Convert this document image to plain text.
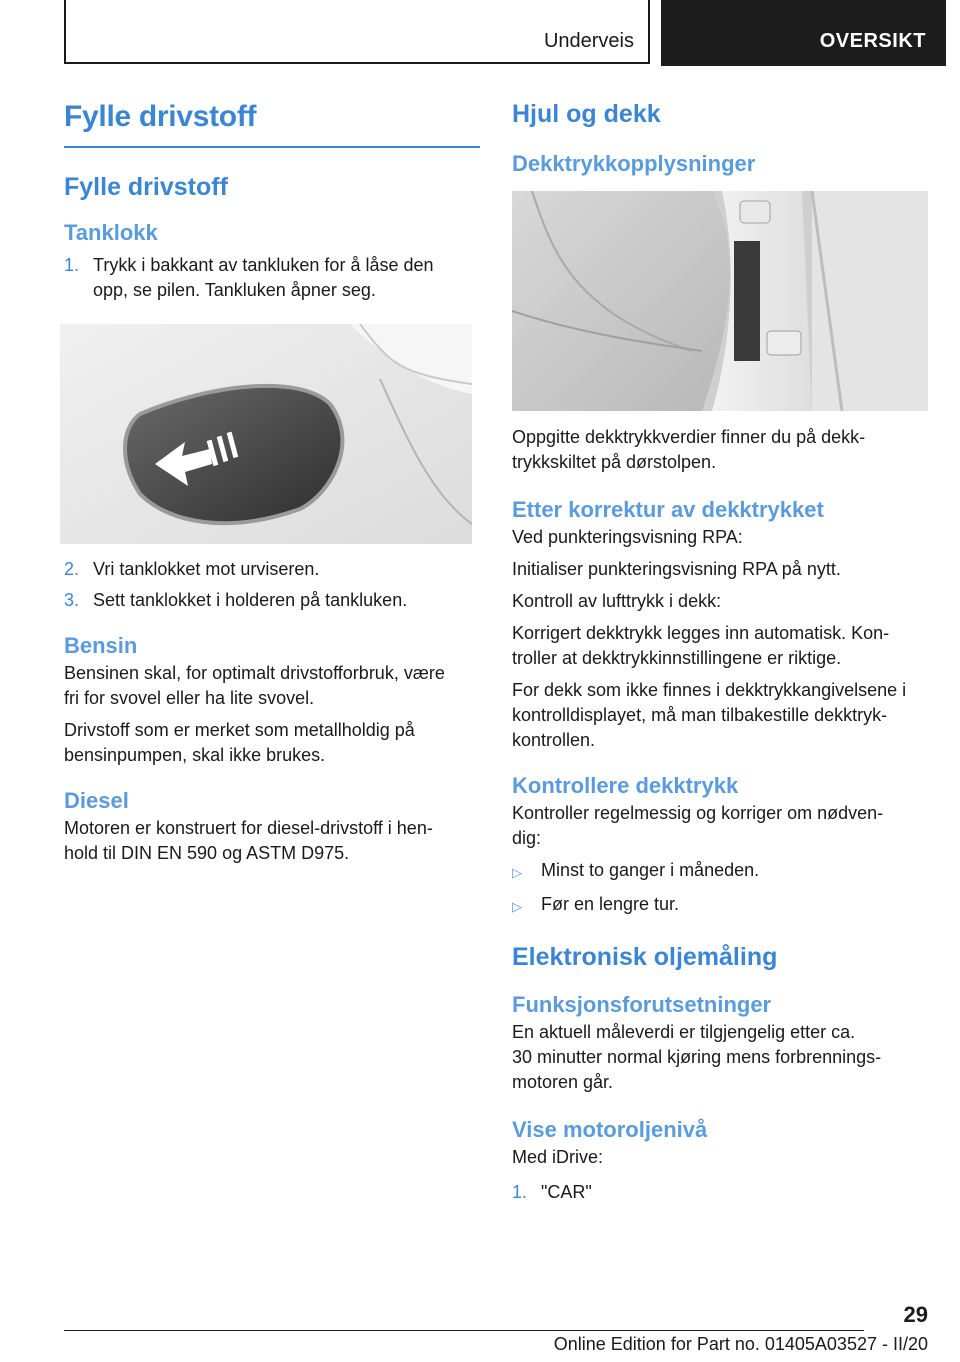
Underveis	OVERSIKT
Fylle drivstoff
Fylle drivstoff
Tanklokk
1. Trykk i bakkant av tankluken for å låse den
opp, se pilen. Tankluken åpner seg.
2. Vri tanklokket mot urviseren.
3. Sett tanklokket i holderen på tankluken.
Bensin
Bensinen skal, for optimalt drivstofforbruk, være
fri for svovel eller ha lite svovel.
Drivstoff som er merket som metallholdig på
bensinpumpen, skal ikke brukes.
Diesel
Motoren er konstruert for diesel-drivstoff i hen-
hold til DIN EN 590 og ASTM D975.
Hjul og dekk
Dekktrykkopplysninger
Oppgitte dekktrykkverdier finner du på dekk-
trykkskiltet på dørstolpen.
Etter korrektur av dekktrykket
Ved punkteringsvisning RPA:
Initialiser punkteringsvisning RPA på nytt.
Kontroll av lufttrykk i dekk:
Korrigert dekktrykk legges inn automatisk. Kon-
troller at dekktrykkinnstillingene er riktige.
For dekk som ikke finnes i dekktrykkangivelsene i
kontrolldisplayet, må man tilbakestille dekktryk-
kontrollen.
Kontrollere dekktrykk
Kontroller regelmessig og korriger om nødven-
dig:
▷	Minst to ganger i måneden.
▷	Før en lengre tur.
Elektronisk oljemåling
Funksjonsforutsetninger
En aktuell måleverdi er tilgjengelig etter ca.
30 minutter normal kjøring mens forbrennings-
motoren går.
Vise motoroljenivå
Med iDrive:
1. "CAR"
29
Online Edition for Part no. 01405A03527 - II/20
